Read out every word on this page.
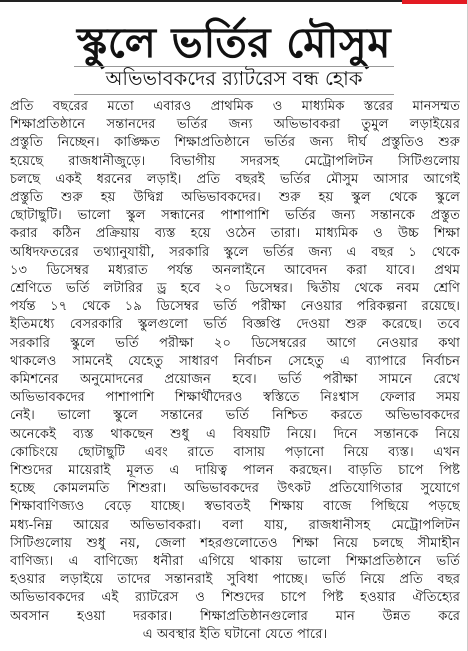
স্কুলে ভর্তির মৌসুম
অভিভাবকদের র‌্যাটরেস বন্ধ হোক
প্রতি বছরের মতো এবারও প্রাথমিক ও মাধ্যমিক স্তরের মানসম্মত
শিক্ষাপ্রতিষ্ঠানে সন্তানদের ভর্তির জন্য অভিভাবকরা তুমুল লড়াইয়ের
প্রস্তুতি নিচ্ছেন। কাঙ্ক্ষিত শিক্ষাপ্রতিষ্ঠানে ভর্তির জন্য দীর্ঘ প্রস্তুতিও শুরু
হয়েছে রাজধানীজুড়ে। বিভাগীয় সদরসহ মেট্রোপলিটন সিটিগুলোয়
চলছে একই ধরনের লড়াই। প্রতি বছরই ভর্তির মৌসুম আসার আগেই
প্রস্তুতি শুরু হয় উদ্বিগ্ন অভিভাবকদের। শুরু হয় স্কুল থেকে স্কুলে
ছোটাছুটি। ভালো স্কুল সন্ধানের পাশাপাশি ভর্তির জন্য সন্তানকে প্রস্তুত
করার কঠিন প্রক্রিয়ায় ব্যস্ত হয়ে ওঠেন তারা। মাধ্যমিক ও উচ্চ শিক্ষা
অধিদফতরের তথ্যানুযায়ী, সরকারি স্কুলে ভর্তির জন্য এ বছর ১ থেকে
১৩ ডিসেম্বর মধ্যরাত পর্যন্ত অনলাইনে আবেদন করা যাবে। প্রথম
শ্রেণিতে ভর্তি লটারির ড্র হবে ২০ ডিসেম্বর। দ্বিতীয় থেকে নবম শ্রেণি
পর্যন্ত ১৭ থেকে ১৯ ডিসেম্বর ভর্তি পরীক্ষা নেওয়ার পরিকল্পনা রয়েছে।
ইতিমধ্যে বেসরকারি স্কুলগুলো ভর্তি বিজ্ঞপ্তি দেওয়া শুরু করেছে। তবে
সরকারি স্কুলে ভর্তি পরীক্ষা ২০ ডিসেম্বরের আগে নেওয়ার কথা
থাকলেও সামনেই যেহেতু সাধারণ নির্বাচন সেহেতু এ ব্যাপারে নির্বাচন
কমিশনের অনুমোদনের প্রয়োজন হবে। ভর্তি পরীক্ষা সামনে রেখে
অভিভাবকদের পাশাপাশি শিক্ষার্থীদেরও স্বস্তিতে নিঃশ্বাস ফেলার সময়
নেই। ভালো স্কুলে সন্তানের ভর্তি নিশ্চিত করতে অভিভাবকদের
অনেকেই ব্যস্ত থাকছেন শুধু এ বিষয়টি নিয়ে। দিনে সন্তানকে নিয়ে
কোচিংয়ে ছোটাছুটি এবং রাতে বাসায় পড়ানো নিয়ে ব্যস্ত। এখন
শিশুদের মায়েরাই মূলত এ দায়িত্ব পালন করছেন। বাড়তি চাপে পিষ্ট
হচ্ছে কোমলমতি শিশুরা। অভিভাবকদের উৎকট প্রতিযোগিতার সুযোগে
শিক্ষাবাণিজ্যও বেড়ে যাচ্ছে। স্বভাবতই শিক্ষায় বাজে পিছিয়ে পড়ছে
মধ্য-নিম্ন আয়ের অভিভাবকরা। বলা যায়, রাজধানীসহ মেট্রোপলিটন
সিটিগুলোয় শুধু নয়, জেলা শহরগুলোতেও শিক্ষা নিয়ে চলছে সীমাহীন
বাণিজ্য। এ বাণিজ্যে ধনীরা এগিয়ে থাকায় ভালো শিক্ষাপ্রতিষ্ঠানে ভর্তি
হওয়ার লড়াইয়ে তাদের সন্তানরাই সুবিধা পাচ্ছে। ভর্তি নিয়ে প্রতি বছর
অভিভাবকদের এই র‌্যাটরেস ও শিশুদের চাপে পিষ্ট হওয়ার ঐতিহ্যের
অবসান হওয়া দরকার। শিক্ষাপ্রতিষ্ঠানগুলোর মান উন্নত করে
এ অবস্থার ইতি ঘটানো যেতে পারে।
